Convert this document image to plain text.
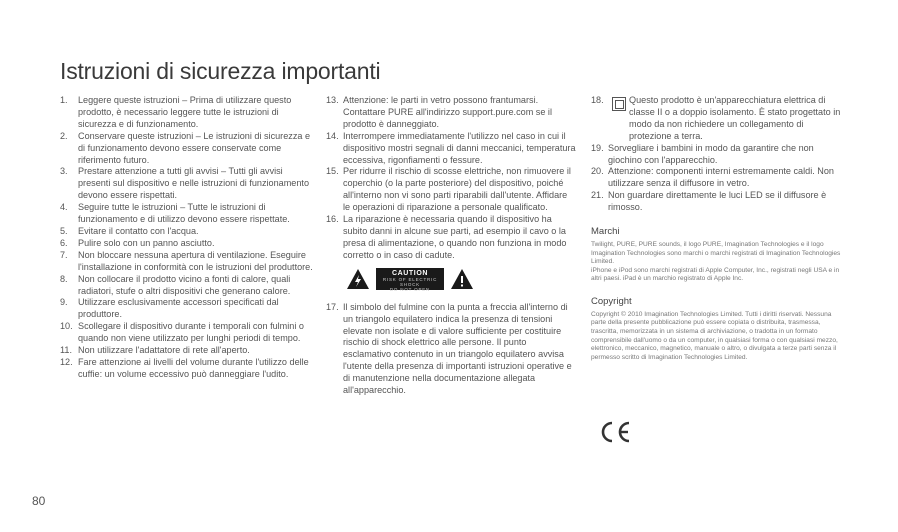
Istruzioni di sicurezza importanti
1. Leggere queste istruzioni – Prima di utilizzare questo prodotto, è necessario leggere tutte le istruzioni di sicurezza e di funzionamento.
2. Conservare queste istruzioni – Le istruzioni di sicurezza e di funzionamento devono essere conservate come riferimento futuro.
3. Prestare attenzione a tutti gli avvisi – Tutti gli avvisi presenti sul dispositivo e nelle istruzioni di funzionamento devono essere rispettati.
4. Seguire tutte le istruzioni – Tutte le istruzioni di funzionamento e di utilizzo devono essere rispettate.
5. Evitare il contatto con l'acqua.
6. Pulire solo con un panno asciutto.
7. Non bloccare nessuna apertura di ventilazione. Eseguire l'installazione in conformità con le istruzioni del produttore.
8. Non collocare il prodotto vicino a fonti di calore, quali radiatori, stufe o altri dispositivi che generano calore.
9. Utilizzare esclusivamente accessori specificati dal produttore.
10. Scollegare il dispositivo durante i temporali con fulmini o quando non viene utilizzato per lunghi periodi di tempo.
11. Non utilizzare l'adattatore di rete all'aperto.
12. Fare attenzione ai livelli del volume durante l'utilizzo delle cuffie: un volume eccessivo può danneggiare l'udito.
13. Attenzione: le parti in vetro possono frantumarsi. Contattare PURE all'indirizzo support.pure.com se il prodotto è danneggiato.
14. Interrompere immediatamente l'utilizzo nel caso in cui il dispositivo mostri segnali di danni meccanici, temperatura eccessiva, rigonfiamenti o fessure.
15. Per ridurre il rischio di scosse elettriche, non rimuovere il coperchio (o la parte posteriore) del dispositivo, poiché all'interno non vi sono parti riparabili dall'utente. Affidare le operazioni di riparazione a personale qualificato.
16. La riparazione è necessaria quando il dispositivo ha subito danni in alcune sue parti, ad esempio il cavo o la presa di alimentazione, o quando non funziona in modo corretto o in caso di cadute.
CAUTION
RISK OF ELECTRIC SHOCK
DO NOT OPEN
17. Il simbolo del fulmine con la punta a freccia all'interno di un triangolo equilatero indica la presenza di tensioni elevate non isolate e di valore sufficiente per costituire rischio di shock elettrico alle persone. Il punto esclamativo contenuto in un triangolo equilatero avvisa l'utente della presenza di importanti istruzioni operative e di manutenzione nella documentazione allegata all'apparecchio.
18.	Questo prodotto è un'apparecchiatura elettrica di classe II o a doppio isolamento. È stato progettato in modo da non richiedere un collegamento di protezione a terra.
19. Sorvegliare i bambini in modo da garantire che non giochino con l'apparecchio.
20. Attenzione: componenti interni estremamente caldi. Non utilizzare senza il diffusore in vetro.
21. Non guardare direttamente le luci LED se il diffusore è rimosso.
Marchi
Twilight, PURE, PURE sounds, il logo PURE, Imagination Technologies e il logo Imagination Technologies sono marchi o marchi registrati di Imagination Technologies Limited.
iPhone e iPod sono marchi registrati di Apple Computer, Inc., registrati negli USA e in altri paesi. iPad è un marchio registrato di Apple Inc.
Copyright
Copyright © 2010 Imagination Technologies Limited. Tutti i diritti riservati. Nessuna parte della presente pubblicazione può essere copiata o distribuita, trasmessa, trascritta, memorizzata in un sistema di archiviazione, o tradotta in un formato comprensibile dall'uomo o da un computer, in qualsiasi forma o con qualsiasi mezzo, elettronico, meccanico, magnetico, manuale o altro, o divulgata a terze parti senza il permesso scritto di Imagination Technologies Limited.
80
